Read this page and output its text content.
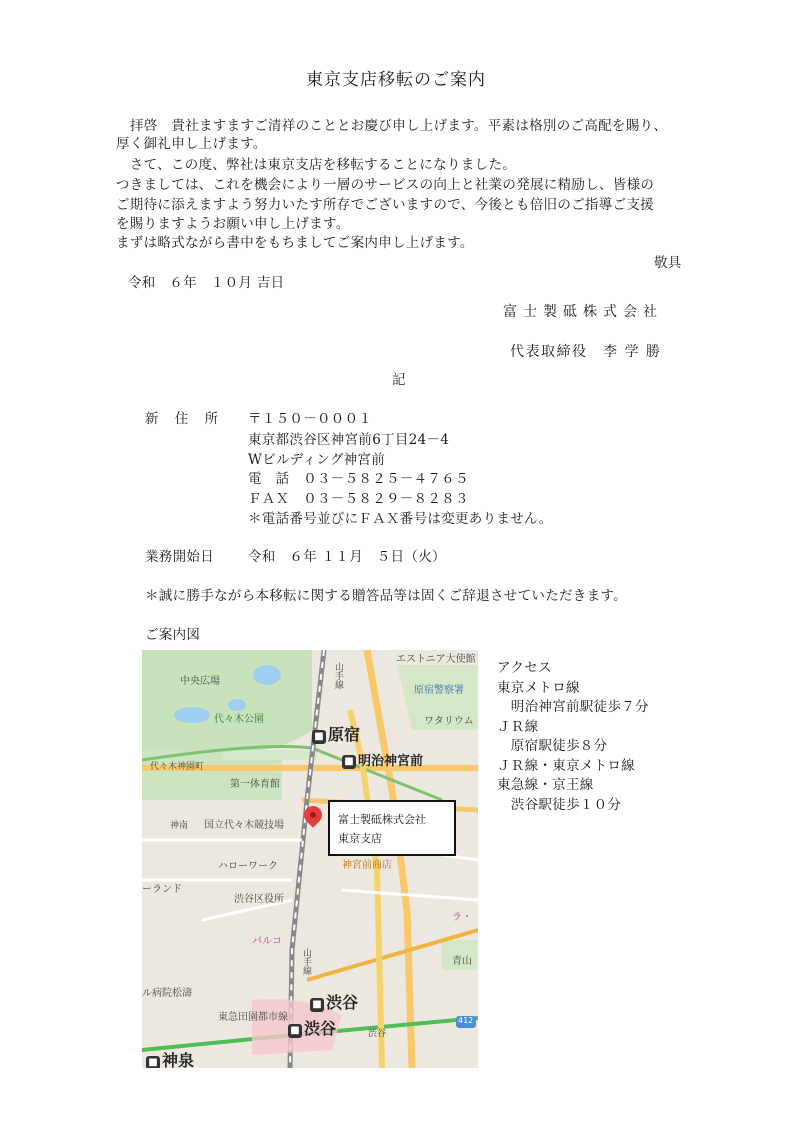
東京支店移転のご案内
拝啓　貴社ますますご清祥のこととお慶び申し上げます。平素は格別のご高配を賜り、
厚く御礼申し上げます。
　さて、この度、弊社は東京支店を移転することになりました。
つきましては、これを機会により一層のサービスの向上と社業の発展に精励し、皆様の
ご期待に添えますよう努力いたす所存でございますので、今後とも倍旧のご指導ご支援
を賜りますようお願い申し上げます。
まずは略式ながら書中をもちましてご案内申し上げます。
敬具
令和　６年　１０月 吉日
富士製砥株式会社
代表取締役　李 学 勝
記
新 住 所 〒１５０－０００１
東京都渋谷区神宮前6丁目24－4
Wビルディング神宮前
電　話　０３－５８２５－４７６５
ＦＡＸ　０３－５８２９－８２８３
＊電話番号並びにＦＡＸ番号は変更ありません。
業務開始日	令和　６年 １１月　５日（火）
＊誠に勝手ながら本移転に関する贈答品等は固くご辞退させていただきます。
ご案内図
中央広場
代々木公園
エストニア大使館
原宿警察署
ワタリウム
代々木神園町
第一体育館
国立代々木競技場
神南
ハローワーク
ーランド
渋谷区役所
パルコ
神宮前商店
青山
ル病院松濤
東急田園都市線
山手線
山手線
渋谷
412
ラ・
■ 原宿
■ 明治神宮前
■ 渋谷
■ 渋谷
■ 神泉
富士製砥株式会社
東京支店
アクセス
東京メトロ線
　明治神宮前駅徒歩７分
ＪＲ線
　原宿駅徒歩８分
ＪＲ線・東京メトロ線
東急線・京王線
　渋谷駅徒歩１０分
